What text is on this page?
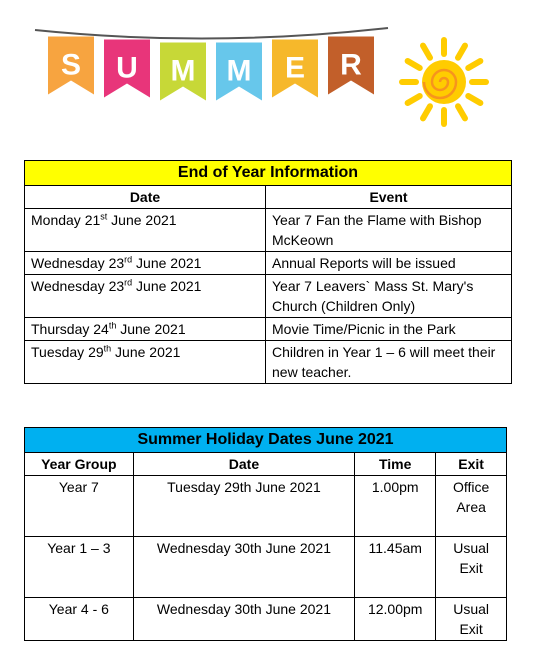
S U M M E R
End of Year Information	
Date	Event
Monday 21st June 2021	Year 7 Fan the Flame with Bishop McKeown
Wednesday 23rd June 2021	Annual Reports will be issued
Wednesday 23rd June 2021	Year 7 Leavers` Mass St. Mary's Church (Children Only)
Thursday 24th June 2021	Movie Time/Picnic in the Park
Tuesday 29th June 2021	Children in Year 1 – 6 will meet their new teacher.
Summer Holiday Dates June 2021			
Year Group	Date	Time	Exit
Year 7	Tuesday 29th June 2021	1.00pm	Office Area
Year 1 – 3	Wednesday 30th June 2021	11.45am	Usual Exit
Year 4 - 6	Wednesday 30th June 2021	12.00pm	Usual Exit
